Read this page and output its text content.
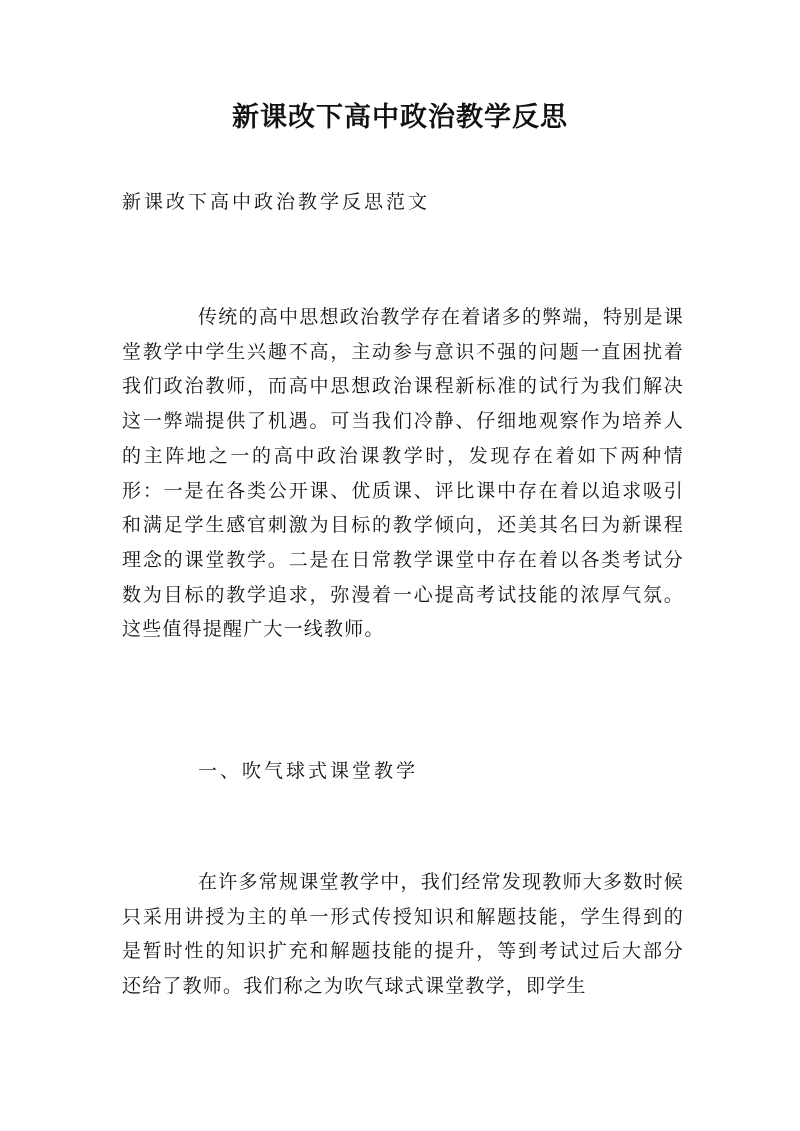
新课改下高中政治教学反思
新课改下高中政治教学反思范文
传统的高中思想政治教学存在着诸多的弊端，特别是课堂教学中学生兴趣不高，主动参与意识不强的问题一直困扰着我们政治教师，而高中思想政治课程新标准的试行为我们解决这一弊端提供了机遇。可当我们冷静、仔细地观察作为培养人的主阵地之一的高中政治课教学时，发现存在着如下两种情形：一是在各类公开课、优质课、评比课中存在着以追求吸引和满足学生感官刺激为目标的教学倾向，还美其名曰为新课程理念的课堂教学。二是在日常教学课堂中存在着以各类考试分数为目标的教学追求，弥漫着一心提高考试技能的浓厚气氛。这些值得提醒广大一线教师。
一、吹气球式课堂教学
在许多常规课堂教学中，我们经常发现教师大多数时候只采用讲授为主的单一形式传授知识和解题技能，学生得到的是暂时性的知识扩充和解题技能的提升，等到考试过后大部分还给了教师。我们称之为吹气球式课堂教学，即学生
